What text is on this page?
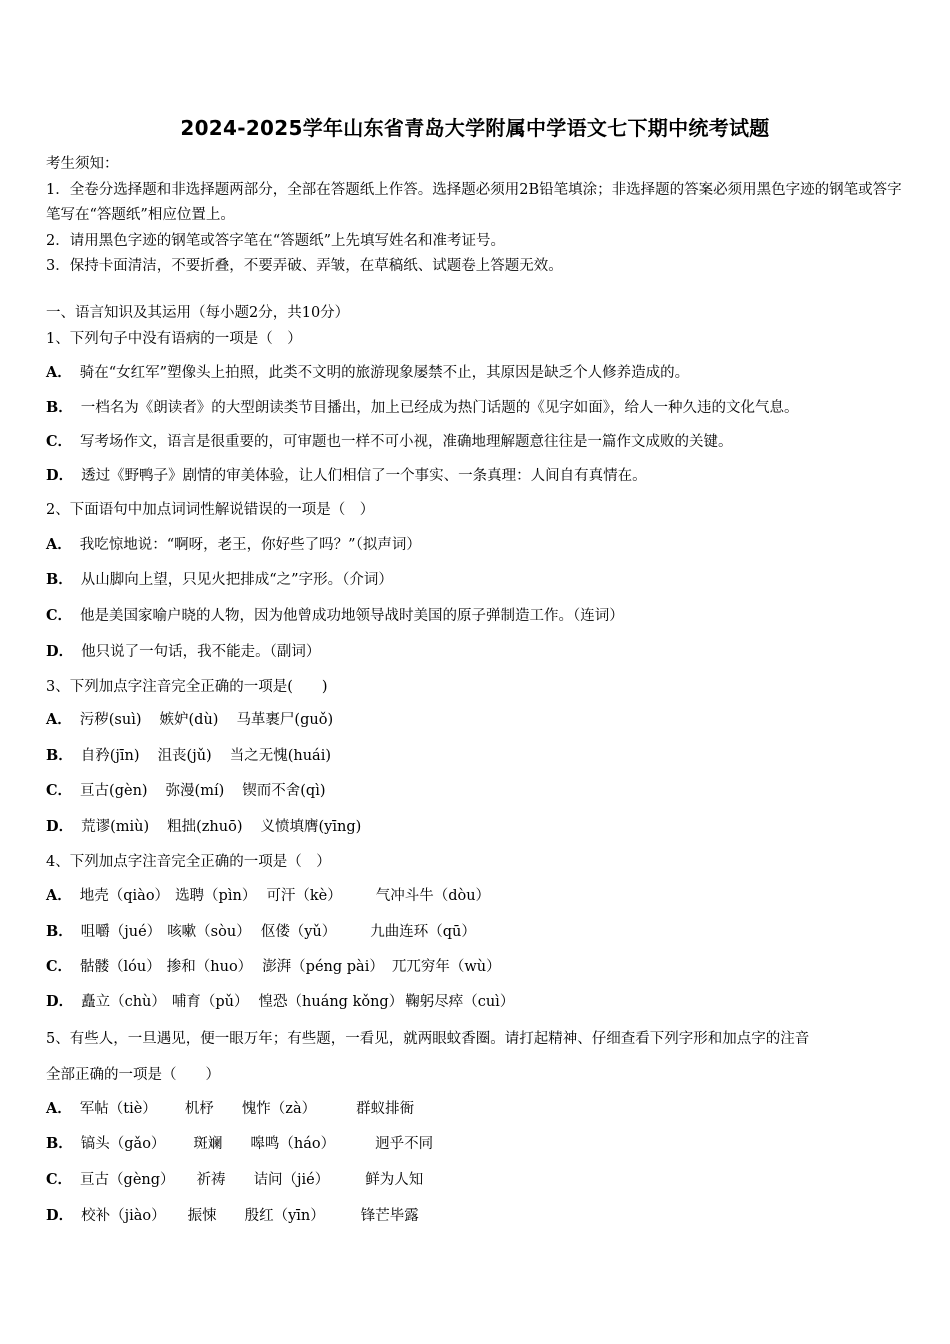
2024-2025学年山东省青岛大学附属中学语文七下期中统考试题

考生须知：

1．全卷分选择题和非选择题两部分，全部在答题纸上作答。选择题必须用2B铅笔填涂；非选择题的答案必须用黑色字迹的钢笔或答字笔写在“答题纸”相应位置上。

2．请用黑色字迹的钢笔或答字笔在“答题纸”上先填写姓名和准考证号。

3．保持卡面清洁，不要折叠，不要弄破、弄皱，在草稿纸、试题卷上答题无效。

一、语言知识及其运用（每小题2分，共10分）
1、下列句子中没有语病的一项是（　）
A． 骑在“女红军”塑像头上拍照，此类不文明的旅游现象屡禁不止，其原因是缺乏个人修养造成的。
B． 一档名为《朗读者》的大型朗读类节目播出，加上已经成为热门话题的《见字如面》，给人一种久违的文化气息。
C． 写考场作文，语言是很重要的，可审题也一样不可小视，准确地理解题意往往是一篇作文成败的关键。
D． 透过《野鸭子》剧情的审美体验，让人们相信了一个事实、一条真理：人间自有真情在。
2、下面语句中加点词词性解说错误的一项是（　）
A． 我吃惊地说：“啊呀，老王，你好些了吗？”（拟声词）
B． 从山脚向上望，只见火把排成“之”字形。（介词）
C． 他是美国家喻户晓的人物，因为他曾成功地领导战时美国的原子弹制造工作。（连词）
D． 他只说了一句话，我不能走。（副词）
3、下列加点字注音完全正确的一项是(　　)
A． 污秽(suì) 嫉妒(dù) 马革裹尸(guǒ)
B． 自矜(jīn) 沮丧(jǔ) 当之无愧(huái)
C． 亘古(gèn) 弥漫(mí) 锲而不舍(qì)
D． 荒谬(miù) 粗拙(zhuō) 义愤填膺(yīng)
4、下列加点字注音完全正确的一项是（　）
A． 地壳（qiào） 选聘（pìn） 可汗（kè） 气冲斗牛（dòu）
B． 咀嚼（jué） 咳嗽（sòu） 伛偻（yǔ） 九曲连环（qū）
C． 骷髅（lóu） 掺和（huo） 澎湃（péng pài） 兀兀穷年（wù）
D． 矗立（chù） 哺育（pǔ） 惶恐（huáng kǒng） 鞠躬尽瘁（cuì）
5、有些人，一旦遇见，便一眼万年；有些题，一看见，就两眼蚊香圈。请打起精神、仔细查看下列字形和加点字的注音
全部正确的一项是（　　）
A． 军帖（tiè） 机杼 愧怍（zà）	群蚁排衙
B． 镐头（gǎo） 斑斓 嗥鸣（háo）	迥乎不同
C． 亘古（gèng） 祈祷 诘问（jié） 鲜为人知
D． 校补（jiào） 振悚 殷红（yīn） 锋芒毕露
